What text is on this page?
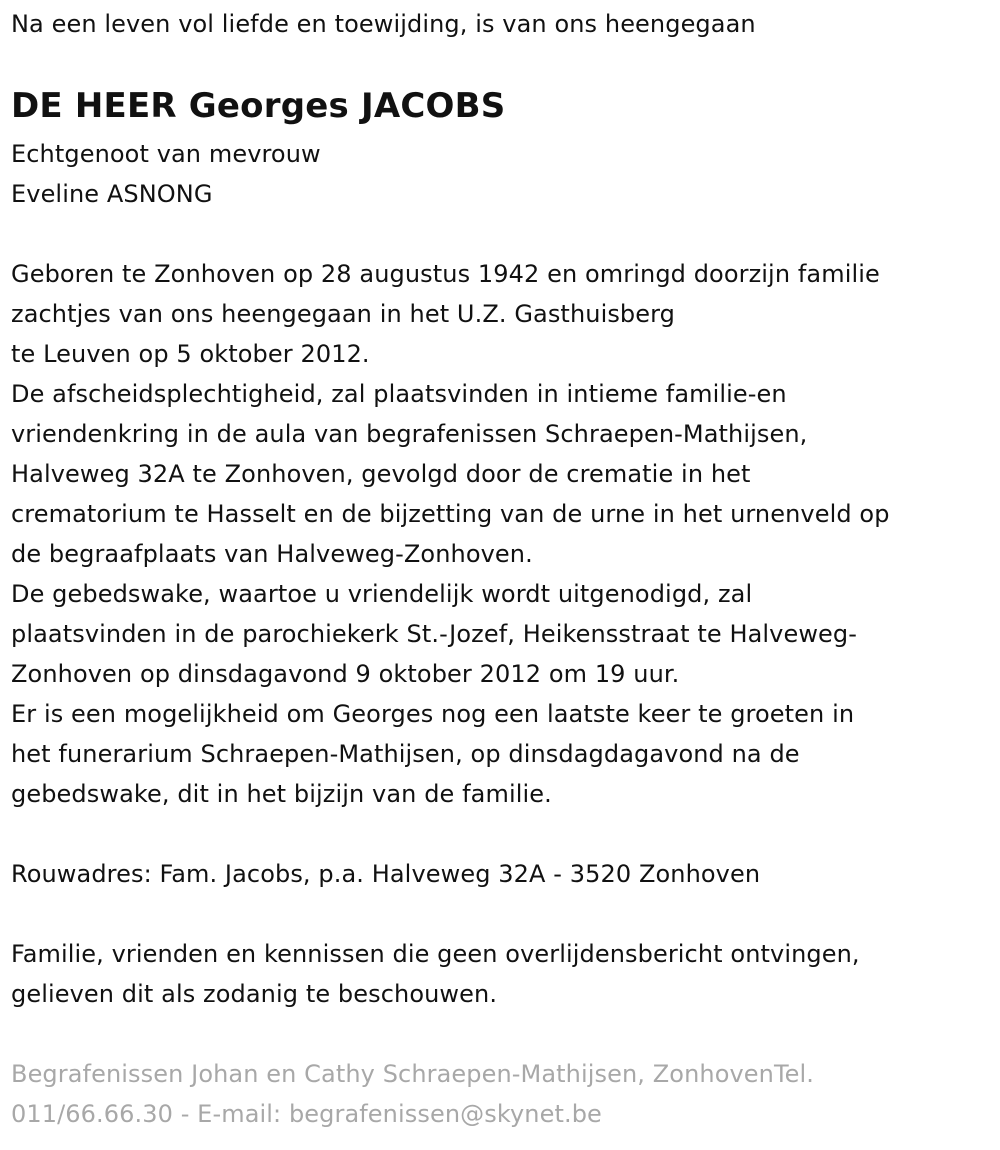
Na een leven vol liefde en toewijding, is van ons heengegaan
DE HEER Georges JACOBS
Echtgenoot van mevrouw
Eveline ASNONG
Geboren te Zonhoven op 28 augustus 1942 en omringd doorzijn familie
zachtjes van ons heengegaan in het U.Z. Gasthuisberg
te Leuven op 5 oktober 2012.
De afscheidsplechtigheid, zal plaatsvinden in intieme familie-en
vriendenkring in de aula van begrafenissen Schraepen-Mathijsen,
Halveweg 32A te Zonhoven, gevolgd door de crematie in het
crematorium te Hasselt en de bijzetting van de urne in het urnenveld op
de begraafplaats van Halveweg-Zonhoven.
De gebedswake, waartoe u vriendelijk wordt uitgenodigd, zal
plaatsvinden in de parochiekerk St.-Jozef, Heikensstraat te Halveweg-
Zonhoven op dinsdagavond 9 oktober 2012 om 19 uur.
Er is een mogelijkheid om Georges nog een laatste keer te groeten in
het funerarium Schraepen-Mathijsen, op dinsdagdagavond na de
gebedswake, dit in het bijzijn van de familie.
Rouwadres: Fam. Jacobs, p.a. Halveweg 32A - 3520 Zonhoven
Familie, vrienden en kennissen die geen overlijdensbericht ontvingen,
gelieven dit als zodanig te beschouwen.
Begrafenissen Johan en Cathy Schraepen-Mathijsen, ZonhovenTel.
011/66.66.30 - E-mail: begrafenissen@skynet.be
